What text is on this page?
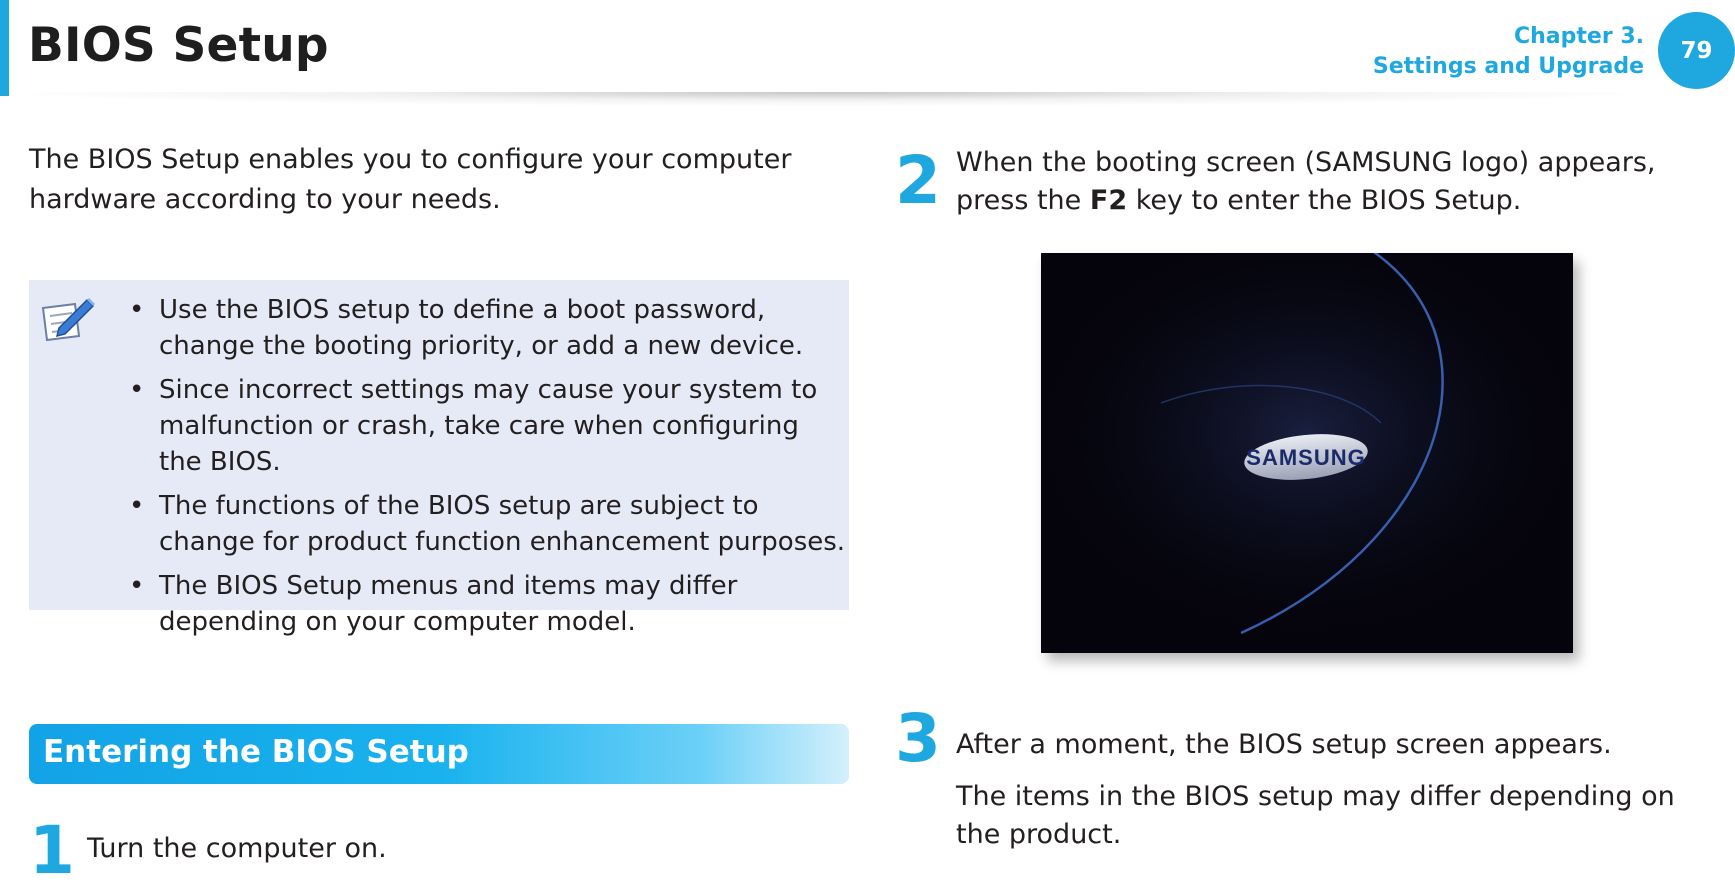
BIOS Setup	Chapter 3.
Settings and Upgrade
79

The BIOS Setup enables you to configure your computer hardware according to your needs.

• Use the BIOS setup to define a boot password, change the booting priority, or add a new device.
• Since incorrect settings may cause your system to malfunction or crash, take care when configuring the BIOS.
• The functions of the BIOS setup are subject to change for product function enhancement purposes.
• The BIOS Setup menus and items may differ depending on your computer model.
Entering the BIOS Setup
1 Turn the computer on.

2 When the booting screen (SAMSUNG logo) appears, press the F2 key to enter the BIOS Setup.

SAMSUNG
3 After a moment, the BIOS setup screen appears.

The items in the BIOS setup may differ depending on the product.
